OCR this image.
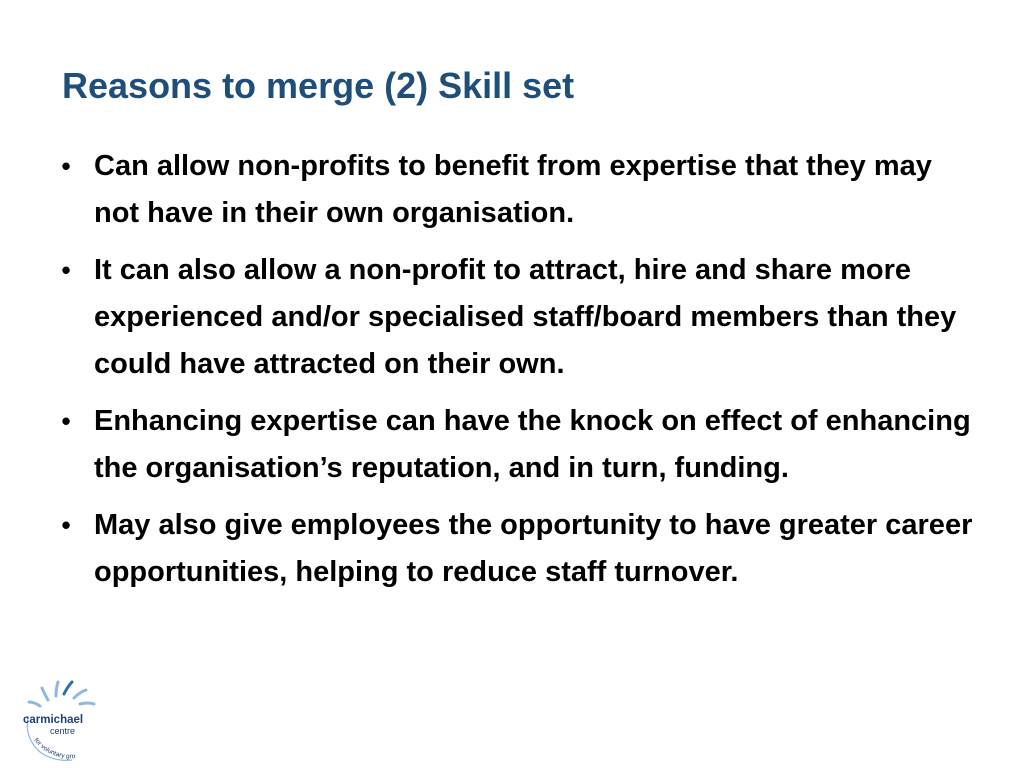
Reasons to merge (2) Skill set
• Can allow non-profits to benefit from expertise that they may not have in their own organisation.
• It can also allow a non-profit to attract, hire and share more experienced and/or specialised staff/board members than they could have attracted on their own.
• Enhancing expertise can have the knock on effect of enhancing the organisation’s reputation, and in turn, funding.
• May also give employees the opportunity to have greater career opportunities, helping to reduce staff turnover.
carmichael
centre
for voluntary gro
